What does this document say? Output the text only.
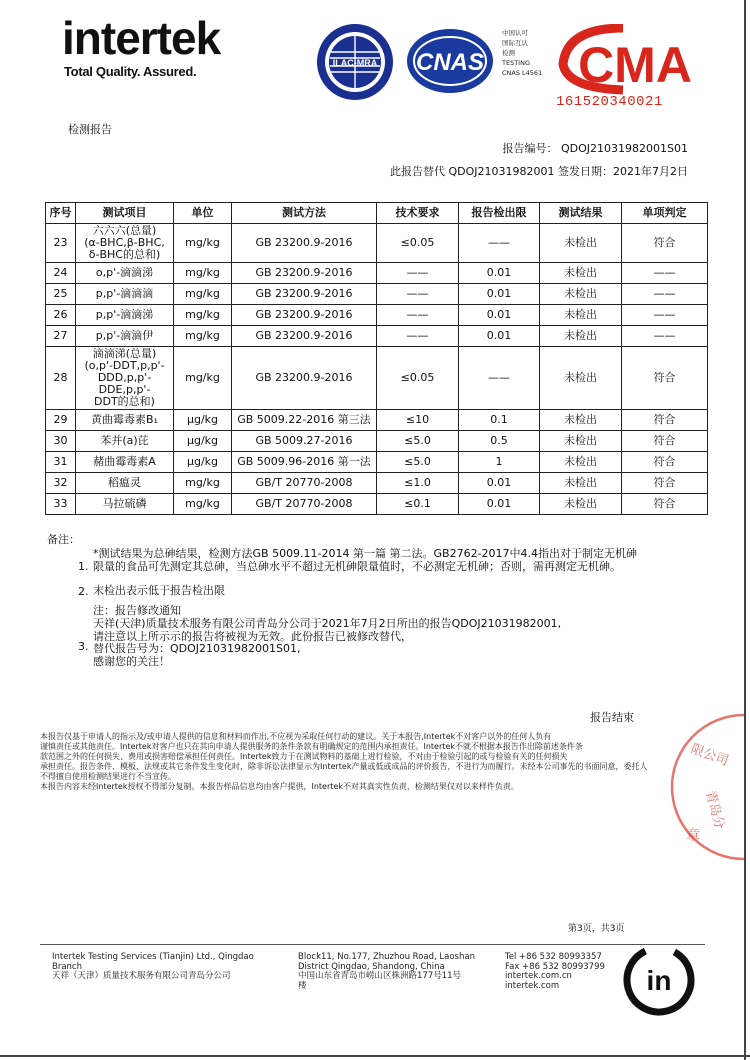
intertek
Total Quality. Assured.
ILAC-MRA CNAS
中国认可
国际互认
检测
TESTING
CNAS L4561 CMA
161520340021
检测报告
报告编号： QDOJ21031982001S01
此报告替代 QDOJ21031982001 签发日期：2021年7月2日
序号	测试项目	单位	测试方法	技术要求	报告检出限	测试结果	单项判定
23	六六六(总量)
(α-BHC,β-BHC,
δ-BHC的总和)	mg/kg	GB 23200.9-2016	≤0.05	——	未检出	符合
24	o,p'-滴滴涕	mg/kg	GB 23200.9-2016	——	0.01	未检出	——
25	p,p'-滴滴滴	mg/kg	GB 23200.9-2016	——	0.01	未检出	——
26	p,p'-滴滴涕	mg/kg	GB 23200.9-2016	——	0.01	未检出	——
27	p,p'-滴滴伊	mg/kg	GB 23200.9-2016	——	0.01	未检出	——
28	滴滴涕(总量)
(o,p'-DDT,p,p'-
DDD,p,p'-
DDE,p,p'-
DDT的总和)	mg/kg	GB 23200.9-2016	≤0.05	——	未检出	符合
29	黄曲霉毒素B₁	μg/kg	GB 5009.22-2016 第三法	≤10	0.1	未检出	符合
30	苯并(a)芘	μg/kg	GB 5009.27-2016	≤5.0	0.5	未检出	符合
31	赭曲霉毒素A	μg/kg	GB 5009.96-2016 第一法	≤5.0	1	未检出	符合
32	稻瘟灵	mg/kg	GB/T 20770-2008	≤1.0	0.01	未检出	符合
33	马拉硫磷	mg/kg	GB/T 20770-2008	≤0.1	0.01	未检出	符合
备注：
1.
*测试结果为总砷结果，检测方法GB 5009.11-2014 第一篇 第二法。GB2762-2017中4.4指出对于制定无机砷
限量的食品可先测定其总砷，当总砷水平不超过无机砷限量值时，不必测定无机砷；否则，需再测定无机砷。
2. 末检出表示低于报告检出限
3.
注：报告修改通知
天祥(天津)质量技术服务有限公司青岛分公司于2021年7月2日所出的报告QDOJ21031982001,
请注意以上所示示的报告将被视为无效。此份报告已被修改替代，
替代报告号为：QDOJ21031982001S01,
感谢您的关注！
报告结束
本报告仅基于申请人的指示及/或申请人提供的信息和材料而作出,不应视为采取任何行动的建议。关于本报告,Intertek不对客户以外的任何人负有
谨慎责任或其他责任。Intertek对客户也只在其向申请人提供服务的条件条款有明确规定的范围内承担责任。Intertek不就不根据本报告作出除前述条件条
款范围之外的任何损失、费用或损害赔偿承担任何责任。Intertek致力于在测试物料的基础上进行检验，不对由于检验引起的或与检验有关的任何损失
承担责任。报告条件、模板、法规或其它条件发生变化时，除非诉讼法律显示为Intertek产量或低或成品的评价报告，不进行为而履行。未经本公司事先的书面同意，委托人
不得擅自使用检测结果进行不当宣传。
本报告内容未经Intertek授权不得部分复制。本报告样品信息均由客户提供，Intertek不对其真实性负责，检测结果仅对以来样件负责。
限公司
青岛分
章
第3页，共3页
Intertek Testing Services (Tianjin) Ltd., Qingdao
Branch
天祥（天津）质量技术服务有限公司青岛分公司
Block11, No.177, Zhuzhou Road, Laoshan
District Qingdao, Shandong, China
中国山东省青岛市崂山区株洲路177号11号
楼
Tel +86 532 80993357
Fax +86 532 80993799
intertek.com.cn
intertek.com	in
